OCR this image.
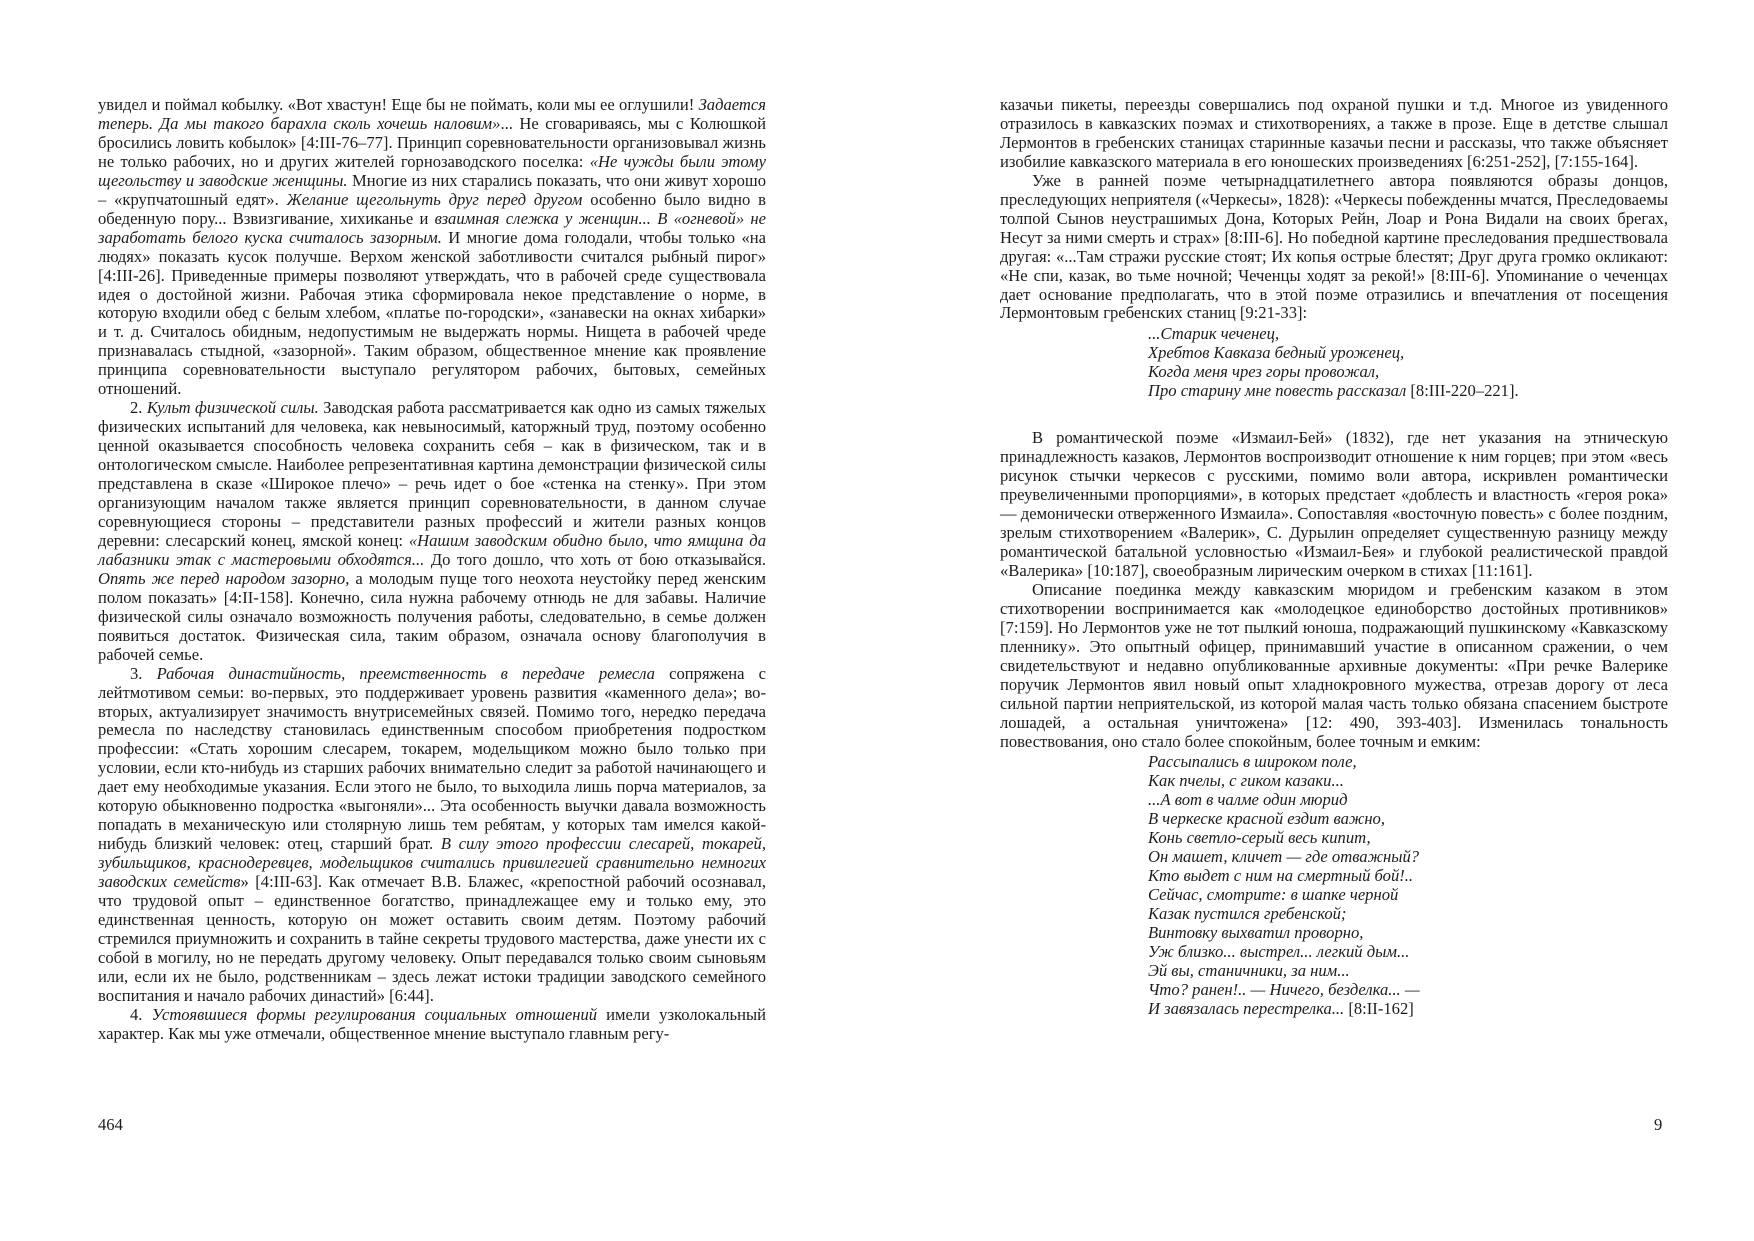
увидел и поймал кобылку. «Вот хвастун! Еще бы не поймать, коли мы ее оглушили! Задается теперь. Да мы такого барахла сколь хочешь наловим»... Не сговариваясь, мы с Колюшкой бросились ловить кобылок» [4:III-76–77]. Принцип соревновательности организовывал жизнь не только рабочих, но и других жителей горнозаводского поселка: «Не чужды были этому щегольству и заводские женщины. Многие из них старались показать, что они живут хорошо – «крупчатошный едят». Желание щегольнуть друг перед другом особенно было видно в обеденную пору... Взвизгивание, хихиканье и взаимная слежка у женщин... В «огневой» не заработать белого куска считалось зазорным. И многие дома голодали, чтобы только «на людях» показать кусок получше. Верхом женской заботливости считался рыбный пирог» [4:III-26]. Приведенные примеры позволяют утверждать, что в рабочей среде существовала идея о достойной жизни. Рабочая этика сформировала некое представление о норме, в которую входили обед с белым хлебом, «платье по-городски», «занавески на окнах хибарки» и т. д. Считалось обидным, недопустимым не выдержать нормы. Нищета в рабочей чреде признавалась стыдной, «зазорной». Таким образом, общественное мнение как проявление принципа соревновательности выступало регулятором рабочих, бытовых, семейных отношений.

2. Культ физической силы. Заводская работа рассматривается как одно из самых тяжелых физических испытаний для человека, как невыносимый, каторжный труд, поэтому особенно ценной оказывается способность человека сохранить себя – как в физическом, так и в онтологическом смысле. Наиболее репрезентативная картина демонстрации физической силы представлена в сказе «Широкое плечо» – речь идет о бое «стенка на стенку». При этом организующим началом также является принцип соревновательности, в данном случае соревнующиеся стороны – представители разных профессий и жители разных концов деревни: слесарский конец, ямской конец: «Нашим заводским обидно было, что ямщина да лабазники этак с мастеровыми обходятся... До того дошло, что хоть от бою отказывайся. Опять же перед народом зазорно, а молодым пуще того неохота неустойку перед женским полом показать» [4:II-158]. Конечно, сила нужна рабочему отнюдь не для забавы. Наличие физической силы означало возможность получения работы, следовательно, в семье должен появиться достаток. Физическая сила, таким образом, означала основу благополучия в рабочей семье.

3. Рабочая династийность, преемственность в передаче ремесла сопряжена с лейтмотивом семьи: во-первых, это поддерживает уровень развития «каменного дела»; во-вторых, актуализирует значимость внутрисемейных связей. Помимо того, нередко передача ремесла по наследству становилась единственным способом приобретения подростком профессии: «Стать хорошим слесарем, токарем, модельщиком можно было только при условии, если кто-нибудь из старших рабочих внимательно следит за работой начинающего и дает ему необходимые указания. Если этого не было, то выходила лишь порча материалов, за которую обыкновенно подростка «выгоняли»... Эта особенность выучки давала возможность попадать в механическую или столярную лишь тем ребятам, у которых там имелся какой-нибудь близкий человек: отец, старший брат. В силу этого профессии слесарей, токарей, зубильщиков, краснодеревцев, модельщиков считались привилегией сравнительно немногих заводских семейств» [4:III-63]. Как отмечает В.В. Блажес, «крепостной рабочий осознавал, что трудовой опыт – единственное богатство, принадлежащее ему и только ему, это единственная ценность, которую он может оставить своим детям. Поэтому рабочий стремился приумножить и сохранить в тайне секреты трудового мастерства, даже унести их с собой в могилу, но не передать другому человеку. Опыт передавался только своим сыновьям или, если их не было, родственникам – здесь лежат истоки традиции заводского семейного воспитания и начало рабочих династий» [6:44].

4. Устоявшиеся формы регулирования социальных отношений имели узколокальный характер. Как мы уже отмечали, общественное мнение выступало главным регу-

464

казачьи пикеты, переезды совершались под охраной пушки и т.д. Многое из увиденного отразилось в кавказских поэмах и стихотворениях, а также в прозе. Еще в детстве слышал Лермонтов в гребенских станицах старинные казачьи песни и рассказы, что также объясняет изобилие кавказского материала в его юношеских произведениях [6:251-252], [7:155-164].

Уже в ранней поэме четырнадцатилетнего автора появляются образы донцов, преследующих неприятеля («Черкесы», 1828): «Черкесы побежденны мчатся, Преследоваемы толпой Сынов неустрашимых Дона, Которых Рейн, Лоар и Рона Видали на своих брегах, Несут за ними смерть и страх» [8:III-6]. Но победной картине преследования предшествовала другая: «...Там стражи русские стоят; Их копья острые блестят; Друг друга громко окликают: «Не спи, казак, во тьме ночной; Чеченцы ходят за рекой!» [8:III-6]. Упоминание о чеченцах дает основание предполагать, что в этой поэме отразились и впечатления от посещения Лермонтовым гребенских станиц [9:21-33]:

...Старик чеченец,
Хребтов Кавказа бедный уроженец,
Когда меня чрез горы провожал,
Про старину мне повесть рассказал [8:III-220–221].

В романтической поэме «Измаил-Бей» (1832), где нет указания на этническую принадлежность казаков, Лермонтов воспроизводит отношение к ним горцев; при этом «весь рисунок стычки черкесов с русскими, помимо воли автора, искривлен романтически преувеличенными пропорциями», в которых предстает «доблесть и властность «героя рока» — демонически отверженного Измаила». Сопоставляя «восточную повесть» с более поздним, зрелым стихотворением «Валерик», С. Дурылин определяет существенную разницу между романтической батальной условностью «Измаил-Бея» и глубокой реалистической правдой «Валерика» [10:187], своеобразным лирическим очерком в стихах [11:161].

Описание поединка между кавказским мюридом и гребенским казаком в этом стихотворении воспринимается как «молодецкое единоборство достойных противников» [7:159]. Но Лермонтов уже не тот пылкий юноша, подражающий пушкинскому «Кавказскому пленнику». Это опытный офицер, принимавший участие в описанном сражении, о чем свидетельствуют и недавно опубликованные архивные документы: «При речке Валерике поручик Лермонтов явил новый опыт хладнокровного мужества, отрезав дорогу от леса сильной партии неприятельской, из которой малая часть только обязана спасением быстроте лошадей, а остальная уничтожена» [12: 490, 393-403]. Изменилась тональность повествования, оно стало более спокойным, более точным и емким:

Рассыпались в широком поле,
Как пчелы, с гиком казаки...
...А вот в чалме один мюрид
В черкеске красной ездит важно,
Конь светло-серый весь кипит,
Он машет, кличет — где отважный?
Кто выдет с ним на смертный бой!..
Сейчас, смотрите: в шапке черной
Казак пустился гребенской;
Винтовку выхватил проворно,
Уж близко... выстрел... легкий дым...
Эй вы, станичники, за ним...
Что? ранен!.. — Ничего, безделка... —
И завязалась перестрелка... [8:II-162]
9
